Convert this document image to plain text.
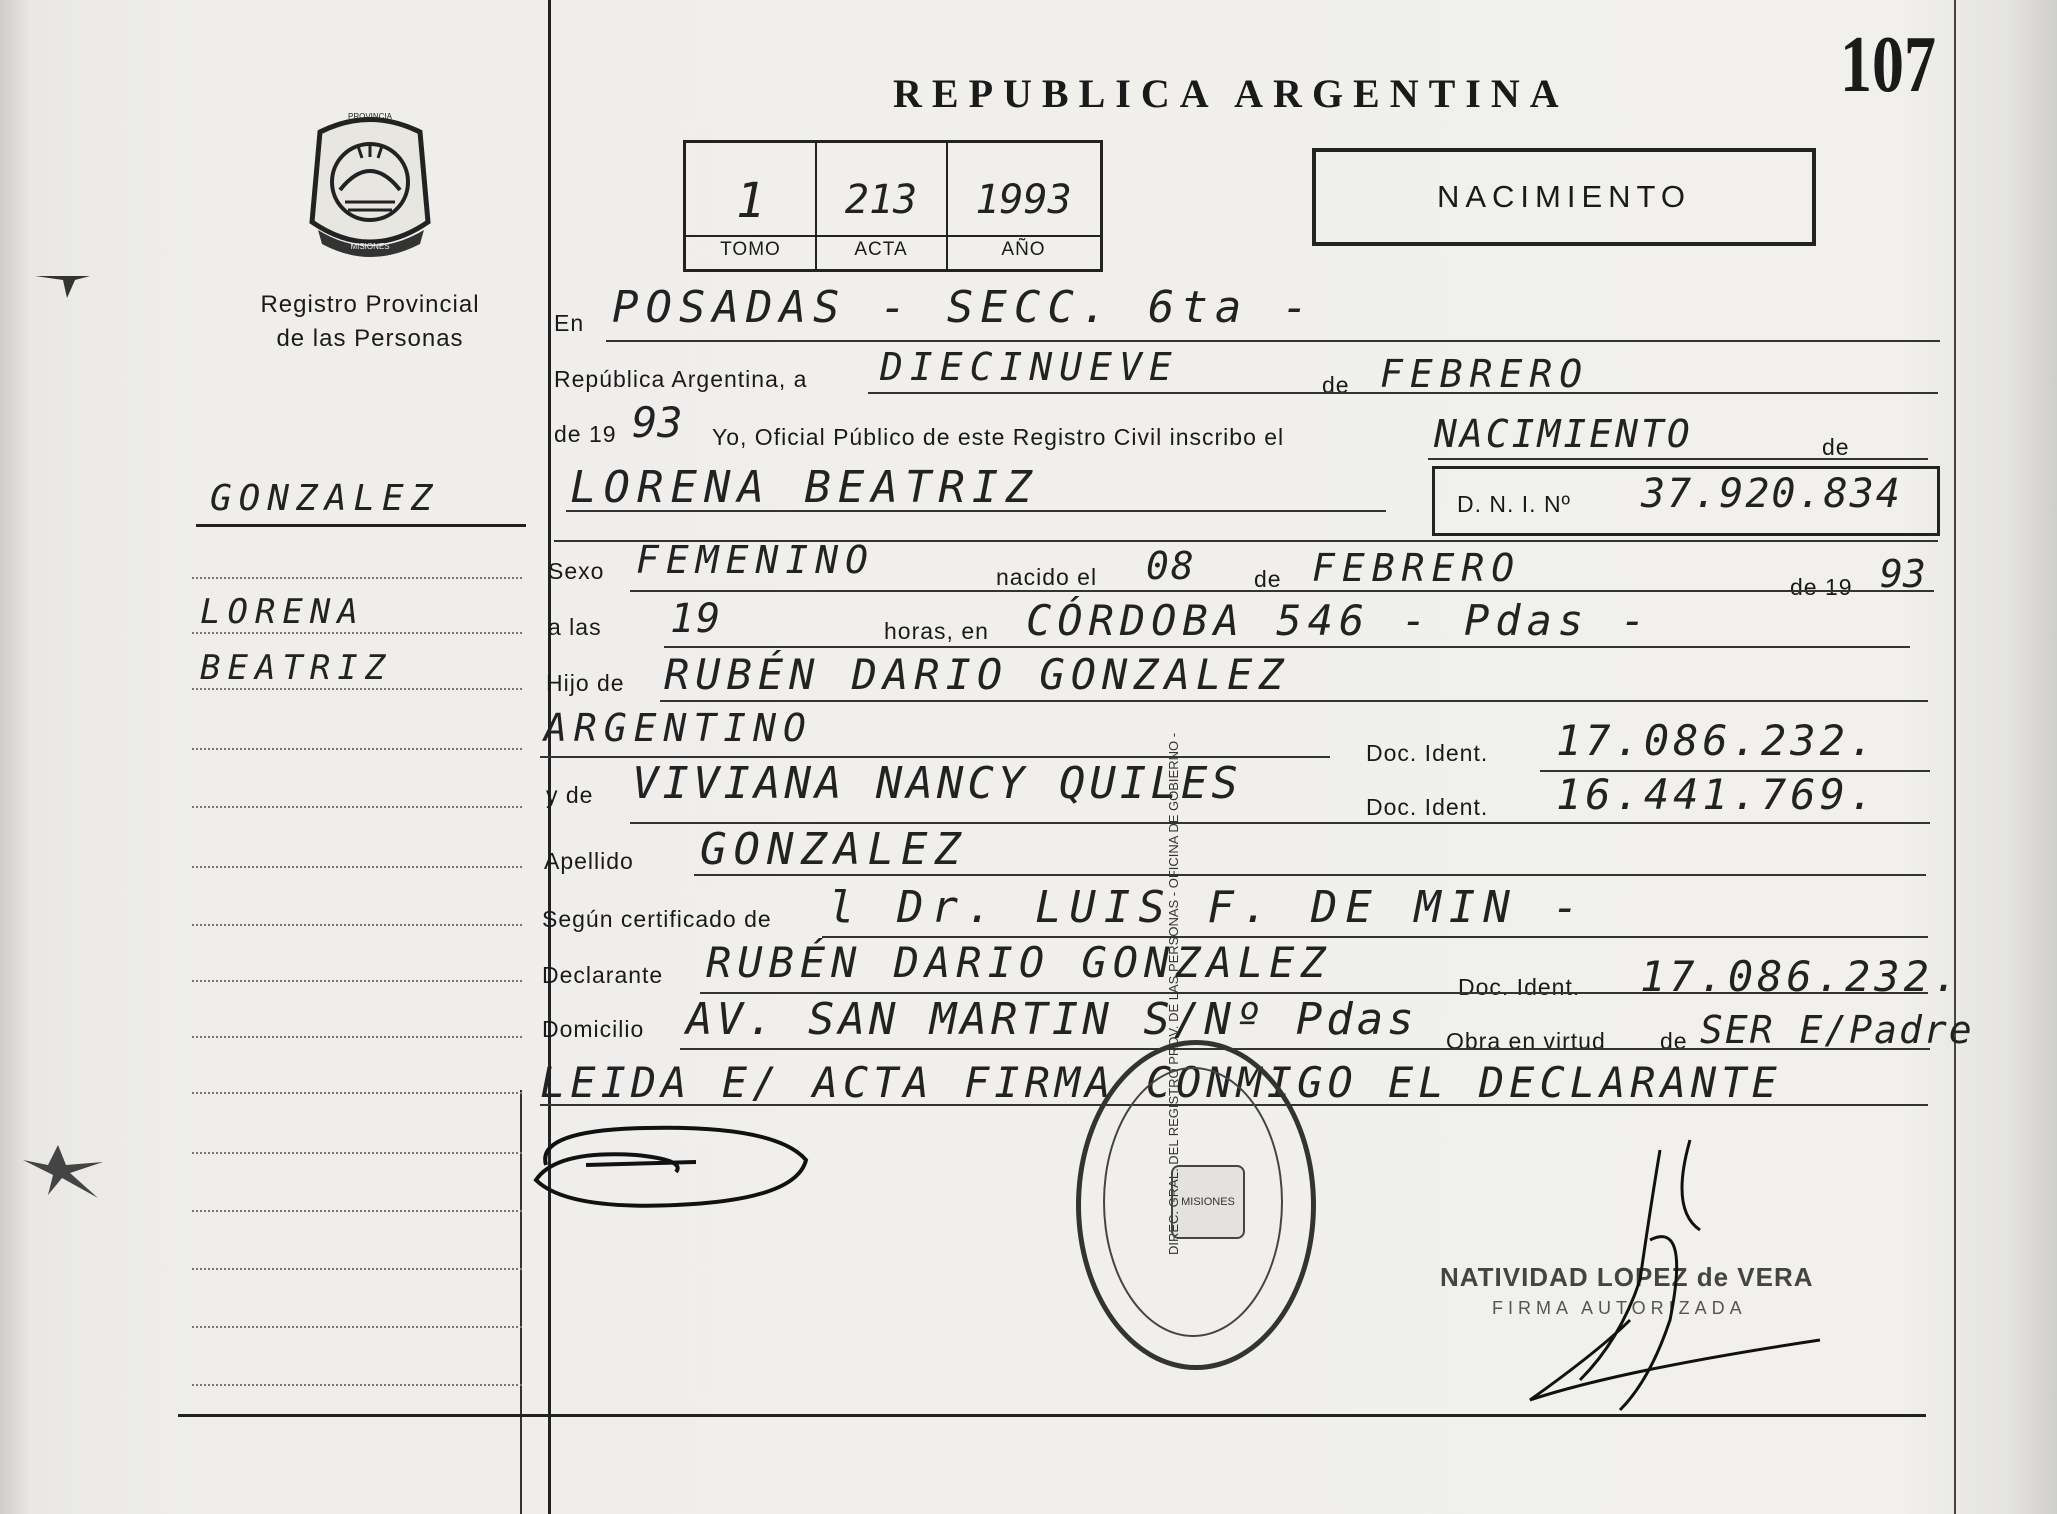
PROVINCIA
MISIONES
Registro Provincial
de las Personas
GONZALEZ
LORENA
BEATRIZ
REPUBLICA ARGENTINA	107
1	213	1993
TOMO	ACTA	AÑO
NACIMIENTO
En POSADAS - SECC. 6ta -
República Argentina, a DIECINUEVE	de FEBRERO
de 19 93 Yo, Oficial Público de este Registro Civil inscribo el	NACIMIENTO	de
LORENA BEATRIZ	D. N. I. Nº 37.920.834
Sexo FEMENINO	nacido el 08	de FEBRERO	de 19 93
a las 19	horas, en CÓRDOBA 546 - Pdas -
Hijo de RUBÉN DARIO GONZALEZ
ARGENTINO
Doc. Ident. 17.086.232.
y de VIVIANA NANCY QUILES	Doc. Ident. 16.441.769.
Apellido GONZALEZ
Según certificado de l Dr. LUIS F. DE MIN -
Declarante RUBÉN DARIO GONZALEZ	Doc. Ident. 17.086.232.
Domicilio AV. SAN MARTIN S/Nº Pdas Obra en virtud de SER E/Padre
LEIDA E/ ACTA FIRMA CONMIGO EL DECLARANTE
DIREC. GRAL. DEL REGISTRO PROV. DE LAS PERSONAS - OFICINA DE GOBIERNO - MISIONES
NATIVIDAD LOPEZ de VERA
FIRMA AUTORIZADA
